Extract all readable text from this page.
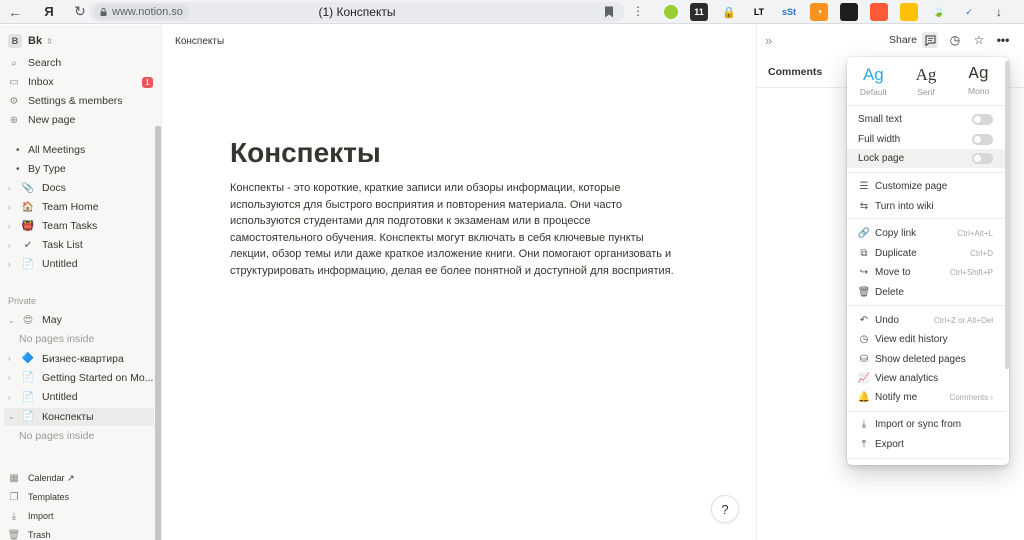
←	Я	↻	www.notion.so	(1) Конспекты	⋮	11	🔒	LT	sSt	◔	🍃	✓	↓
B Bk ⇳
⌕	Search
▭ Inbox	1
⚙ Settings & members
⊕ New page
• All Meetings
• By Type
›	📎 Docs
›	🏠 Team Home
›	👹 Team Tasks
›	✔ Task List
›	📄 Untitled
Private
⌄ 😍 May
No pages inside
›	🔷 Бизнес-квартира
›	📄 Getting Started on Mo...
›	📄 Untitled
⌄ 📄 Конспекты
No pages inside
▦ Calendar ↗
❐ Templates
⤓	Import
🗑 Trash
Конспекты
Конспекты
Конспекты - это короткие, краткие записи или обзоры информации, которые используются для быстрого восприятия и повторения материала. Они часто используются студентами для подготовки к экзаменам или в процессе самостоятельного обучения. Конспекты могут включать в себя ключевые пункты лекции, обзор темы или даже краткое изложение книги. Они помогают организовать и структурировать информацию, делая ее более понятной и доступной для восприятия.
?
»	Share	◷ ☆ •••
Comments Ag
Default
Ag
Serif
Ag
Mono
Small text
Full width
Lock page
☰ Customize page
⇆ Turn into wiki
🔗 Copy link	Ctrl+Alt+L
⧉ Duplicate	Ctrl+D
↪ Move to	Ctrl+Shift+P
🗑 Delete
↶ Undo	Ctrl+Z or Alt+Del
◷ View edit history
⛁ Show deleted pages
📈 View analytics
🔔 Notify me	Comments ›
⤓ Import or sync from
⤒ Export
